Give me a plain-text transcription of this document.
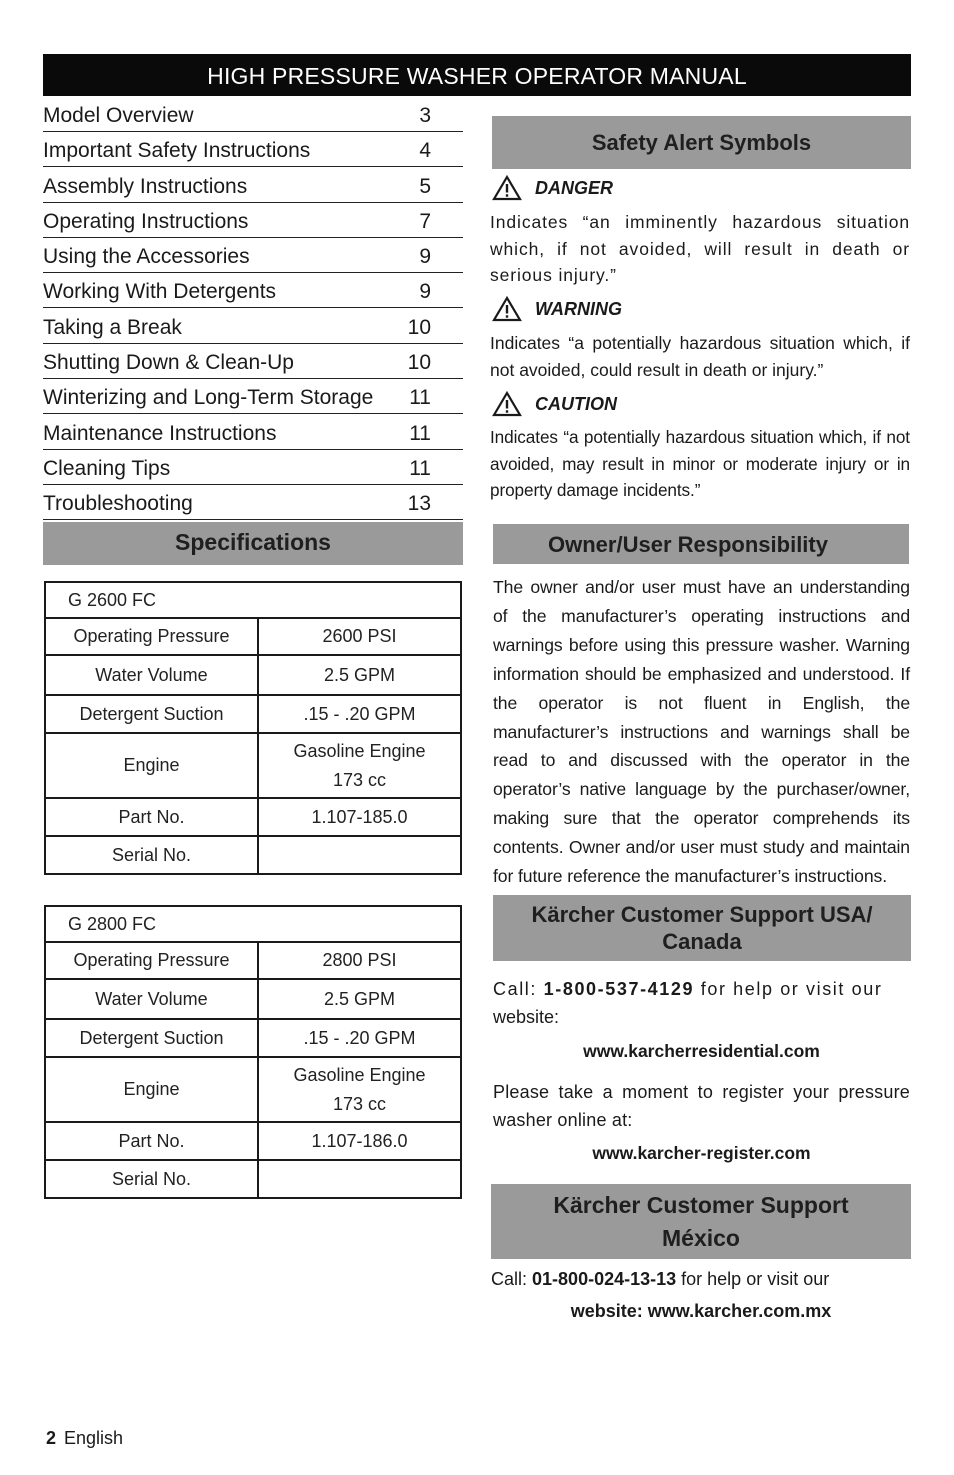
HIGH PRESSURE WASHER OPERATOR MANUAL
Model Overview	3
Important Safety Instructions	4
Assembly Instructions	5
Operating Instructions	7
Using the Accessories	9
Working With Detergents	9
Taking a Break	10
Shutting Down & Clean-Up	10
Winterizing and Long-Term Storage 11
Maintenance Instructions	11
Cleaning Tips	11
Troubleshooting	13
Specifications
G 2600 FC	
Operating Pressure	2600 PSI
Water Volume	2.5 GPM
Detergent Suction	.15 - .20 GPM
Engine	Gasoline Engine
173 cc

Part No.	1.107-185.0
Serial No.	
G 2800 FC	
Operating Pressure	2800 PSI
Water Volume	2.5 GPM
Detergent Suction	.15 - .20 GPM
Engine	Gasoline Engine
173 cc

Part No.	1.107-186.0
Serial No.	
Safety Alert Symbols
DANGER
Indicates “an imminently hazardous situation which, if not avoided, will result in death or serious injury.”
WARNING
Indicates “a potentially hazardous situation which, if not avoided, could result in death or injury.”
CAUTION
Indicates “a potentially hazardous situation which, if not avoided, may result in minor or moderate injury or in property damage incidents.”
Owner/User Responsibility
The owner and/or user must have an understanding of the manufacturer’s operating instructions and warnings before using this pressure washer. Warning information should be emphasized and understood. If the operator is not fluent in English, the manufacturer’s instructions and warnings shall be read to and discussed with the operator in the operator’s native language by the purchaser/owner, making sure that the operator comprehends its contents. Owner and/or user must study and maintain for future reference the manufacturer’s instructions.
Kärcher Customer Support USA/ Canada
Call: 1-800-537-4129 for help or visit our
website:
www.karcherresidential.com
Please take a moment to register your pressure washer online at:
www.karcher-register.com
Kärcher Customer Support
México
Call: 01-800-024-13-13 for help or visit our
website: www.karcher.com.mx
2 English
